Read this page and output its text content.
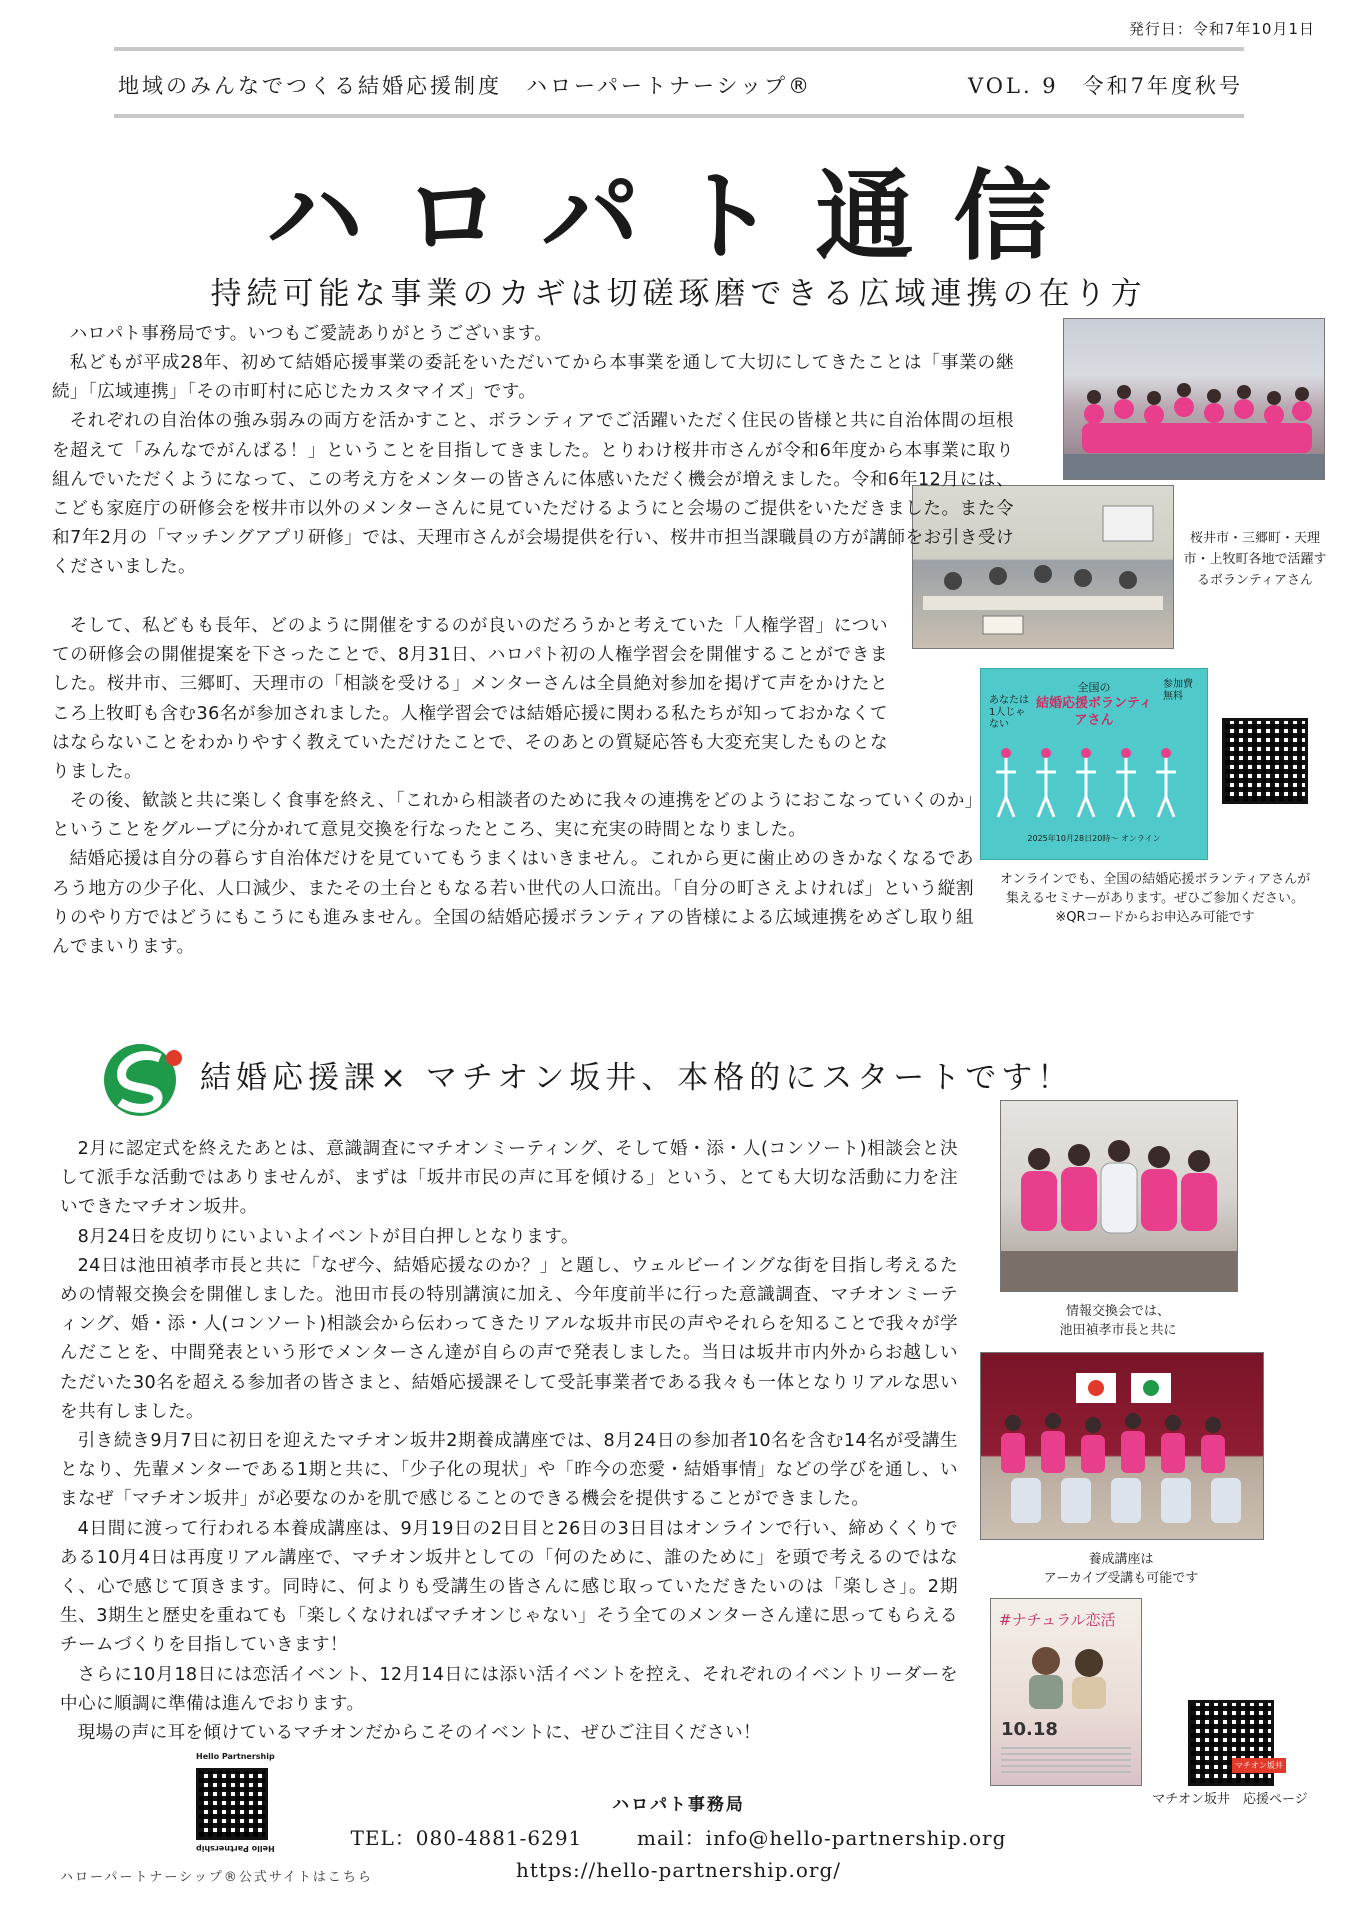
発行日：令和7年10月1日
地域のみんなでつくる結婚応援制度　ハローパートナーシップ®	VOL. 9　令和7年度秋号
ハロパト通信
持続可能な事業のカギは切磋琢磨できる広域連携の在り方
桜井市・三郷町・天理市・上牧町各地で活躍するボランティアさん
あなたは1人じゃない
全国の
結婚応援ボランティアさん
参加費無料
2025年10月28日20時〜 オンライン
オンラインでも、全国の結婚応援ボランティアさんが
集えるセミナーがあります。ぜひご参加ください。
※QRコードからお申込み可能です

ハロパト事務局です。いつもご愛読ありがとうございます。

私どもが平成28年、初めて結婚応援事業の委託をいただいてから本事業を通して大切にしてきたことは「事業の継続」「広域連携」「その市町村に応じたカスタマイズ」です。

それぞれの自治体の強み弱みの両方を活かすこと、ボランティアでご活躍いただく住民の皆様と共に自治体間の垣根を超えて「みんなでがんばる！」ということを目指してきました。とりわけ桜井市さんが令和6年度から本事業に取り組んでいただくようになって、この考え方をメンターの皆さんに体感いただく機会が増えました。令和6年12月には、こども家庭庁の研修会を桜井市以外のメンターさんに見ていただけるようにと会場のご提供をいただきました。また令和7年2月の「マッチングアプリ研修」では、天理市さんが会場提供を行い、桜井市担当課職員の方が講師をお引き受けくださいました。

そして、私どもも長年、どのように開催をするのが良いのだろうかと考えていた「人権学習」についての研修会の開催提案を下さったことで、8月31日、ハロパト初の人権学習会を開催することができました。桜井市、三郷町、天理市の「相談を受ける」メンターさんは全員絶対参加を掲げて声をかけたところ上牧町も含む36名が参加されました。人権学習会では結婚応援に関わる私たちが知っておかなくてはならないことをわかりやすく教えていただけたことで、そのあとの質疑応答も大変充実したものとなりました。

その後、歓談と共に楽しく食事を終え、「これから相談者のために我々の連携をどのようにおこなっていくのか」ということをグループに分かれて意見交換を行なったところ、実に充実の時間となりました。

結婚応援は自分の暮らす自治体だけを見ていてもうまくはいきません。これから更に歯止めのきかなくなるであろう地方の少子化、人口減少、またその土台ともなる若い世代の人口流出。「自分の町さえよければ」という縦割りのやり方ではどうにもこうにも進みません。全国の結婚応援ボランティアの皆様による広域連携をめざし取り組んでまいります。

結婚応援課× マチオン坂井、本格的にスタートです！
情報交換会では、
池田禎孝市長と共に
養成講座は
アーカイブ受講も可能です
#ナチュラル恋活
10.18
マチオン坂井
マチオン坂井　応援ページ

2月に認定式を終えたあとは、意識調査にマチオンミーティング、そして婚・添・人(コンソート)相談会と決して派手な活動ではありませんが、まずは「坂井市民の声に耳を傾ける」という、とても大切な活動に力を注いできたマチオン坂井。

8月24日を皮切りにいよいよイベントが目白押しとなります。

24日は池田禎孝市長と共に「なぜ今、結婚応援なのか？」と題し、ウェルビーイングな街を目指し考えるための情報交換会を開催しました。池田市長の特別講演に加え、今年度前半に行った意識調査、マチオンミーティング、婚・添・人(コンソート)相談会から伝わってきたリアルな坂井市民の声やそれらを知ることで我々が学んだことを、中間発表という形でメンターさん達が自らの声で発表しました。当日は坂井市内外からお越しいただいた30名を超える参加者の皆さまと、結婚応援課そして受託事業者である我々も一体となりリアルな思いを共有しました。

引き続き9月7日に初日を迎えたマチオン坂井2期養成講座では、8月24日の参加者10名を含む14名が受講生となり、先輩メンターである1期と共に、「少子化の現状」や「昨今の恋愛・結婚事情」などの学びを通し、いまなぜ「マチオン坂井」が必要なのかを肌で感じることのできる機会を提供することができました。

4日間に渡って行われる本養成講座は、9月19日の2日目と26日の3日目はオンラインで行い、締めくくりである10月4日は再度リアル講座で、マチオン坂井としての「何のために、誰のために」を頭で考えるのではなく、心で感じて頂きます。同時に、何よりも受講生の皆さんに感じ取っていただきたいのは「楽しさ」。2期生、3期生と歴史を重ねても「楽しくなければマチオンじゃない」そう全てのメンターさん達に思ってもらえるチームづくりを目指していきます！

さらに10月18日には恋活イベント、12月14日には添い活イベントを控え、それぞれのイベントリーダーを中心に順調に準備は進んでおります。

現場の声に耳を傾けているマチオンだからこそのイベントに、ぜひご注目ください！

Hello Partnership
Hello Partnership
ハローパートナーシップ®公式サイトはこちら
ハロパト事務局
TEL：080-4881-6291	mail：info@hello-partnership.org
https://hello-partnership.org/
